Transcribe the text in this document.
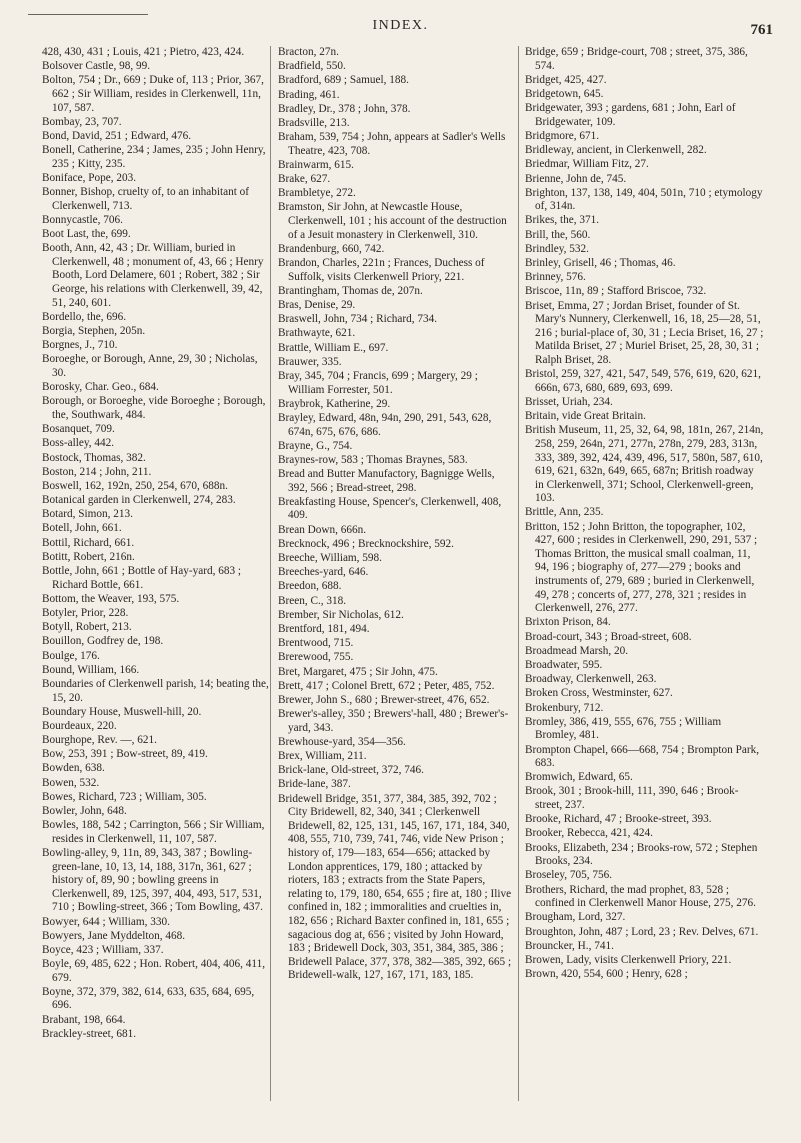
INDEX.	761

428, 430, 431 ; Louis, 421 ; Pietro, 423, 424.

Bolsover Castle, 98, 99.

Bolton, 754 ; Dr., 669 ; Duke of, 113 ; Prior, 367, 662 ; Sir William, resides in Clerkenwell, 11n, 107, 587.

Bombay, 23, 707.

Bond, David, 251 ; Edward, 476.

Bonell, Catherine, 234 ; James, 235 ; John Henry, 235 ; Kitty, 235.

Boniface, Pope, 203.

Bonner, Bishop, cruelty of, to an inhabitant of Clerkenwell, 713.

Bonnycastle, 706.

Boot Last, the, 699.

Booth, Ann, 42, 43 ; Dr. William, buried in Clerkenwell, 48 ; monument of, 43, 66 ; Henry Booth, Lord Delamere, 601 ; Robert, 382 ; Sir George, his relations with Clerkenwell, 39, 42, 51, 240, 601.

Bordello, the, 696.

Borgia, Stephen, 205n.

Borgnes, J., 710.

Boroeghe, or Borough, Anne, 29, 30 ; Nicholas, 30.

Borosky, Char. Geo., 684.

Borough, or Boroeghe, vide Boroeghe ; Borough, the, Southwark, 484.

Bosanquet, 709.

Boss-alley, 442.

Bostock, Thomas, 382.

Boston, 214 ; John, 211.

Boswell, 162, 192n, 250, 254, 670, 688n.

Botanical garden in Clerkenwell, 274, 283.

Botard, Simon, 213.

Botell, John, 661.

Bottil, Richard, 661.

Botitt, Robert, 216n.

Bottle, John, 661 ; Bottle of Hay-yard, 683 ; Richard Bottle, 661.

Bottom, the Weaver, 193, 575.

Botyler, Prior, 228.

Botyll, Robert, 213.

Bouillon, Godfrey de, 198.

Boulge, 176.

Bound, William, 166.

Boundaries of Clerkenwell parish, 14; beating the, 15, 20.

Boundary House, Muswell-hill, 20.

Bourdeaux, 220.

Bourghope, Rev. —, 621.

Bow, 253, 391 ; Bow-street, 89, 419.

Bowden, 638.

Bowen, 532.

Bowes, Richard, 723 ; William, 305.

Bowler, John, 648.

Bowles, 188, 542 ; Carrington, 566 ; Sir William, resides in Clerkenwell, 11, 107, 587.

Bowling-alley, 9, 11n, 89, 343, 387 ; Bowling-green-lane, 10, 13, 14, 188, 317n, 361, 627 ; history of, 89, 90 ; bowling greens in Clerkenwell, 89, 125, 397, 404, 493, 517, 531, 710 ; Bowling-street, 366 ; Tom Bowling, 437.

Bowyer, 644 ; William, 330.

Bowyers, Jane Myddelton, 468.

Boyce, 423 ; William, 337.

Boyle, 69, 485, 622 ; Hon. Robert, 404, 406, 411, 679.

Boyne, 372, 379, 382, 614, 633, 635, 684, 695, 696.

Brabant, 198, 664.

Brackley-street, 681.

Bracton, 27n.

Bradfield, 550.

Bradford, 689 ; Samuel, 188.

Brading, 461.

Bradley, Dr., 378 ; John, 378.

Bradsville, 213.

Braham, 539, 754 ; John, appears at Sadler's Wells Theatre, 423, 708.

Brainwarm, 615.

Brake, 627.

Brambletye, 272.

Bramston, Sir John, at Newcastle House, Clerkenwell, 101 ; his account of the destruction of a Jesuit monastery in Clerkenwell, 310.

Brandenburg, 660, 742.

Brandon, Charles, 221n ; Frances, Duchess of Suffolk, visits Clerkenwell Priory, 221.

Brantingham, Thomas de, 207n.

Bras, Denise, 29.

Braswell, John, 734 ; Richard, 734.

Brathwayte, 621.

Brattle, William E., 697.

Brauwer, 335.

Bray, 345, 704 ; Francis, 699 ; Margery, 29 ; William Forrester, 501.

Braybrok, Katherine, 29.

Brayley, Edward, 48n, 94n, 290, 291, 543, 628, 674n, 675, 676, 686.

Brayne, G., 754.

Braynes-row, 583 ; Thomas Braynes, 583.

Bread and Butter Manufactory, Bagnigge Wells, 392, 566 ; Bread-street, 298.

Breakfasting House, Spencer's, Clerkenwell, 408, 409.

Brean Down, 666n.

Brecknock, 496 ; Brecknockshire, 592.

Breeche, William, 598.

Breeches-yard, 646.

Breedon, 688.

Breen, C., 318.

Brember, Sir Nicholas, 612.

Brentford, 181, 494.

Brentwood, 715.

Brerewood, 755.

Bret, Margaret, 475 ; Sir John, 475.

Brett, 417 ; Colonel Brett, 672 ; Peter, 485, 752.

Brewer, John S., 680 ; Brewer-street, 476, 652.

Brewer's-alley, 350 ; Brewers'-hall, 480 ; Brewer's-yard, 343.

Brewhouse-yard, 354—356.

Brex, William, 211.

Brick-lane, Old-street, 372, 746.

Bride-lane, 387.

Bridewell Bridge, 351, 377, 384, 385, 392, 702 ; City Bridewell, 82, 340, 341 ; Clerkenwell Bridewell, 82, 125, 131, 145, 167, 171, 184, 340, 408, 555, 710, 739, 741, 746, vide New Prison ; history of, 179—183, 654—656; attacked by London apprentices, 179, 180 ; attacked by rioters, 183 ; extracts from the State Papers, relating to, 179, 180, 654, 655 ; fire at, 180 ; Ilive confined in, 182 ; immoralities and cruelties in, 182, 656 ; Richard Baxter confined in, 181, 655 ; sagacious dog at, 656 ; visited by John Howard, 183 ; Bridewell Dock, 303, 351, 384, 385, 386 ; Bridewell Palace, 377, 378, 382—385, 392, 665 ; Bridewell-walk, 127, 167, 171, 183, 185.

Bridge, 659 ; Bridge-court, 708 ; street, 375, 386, 574.

Bridget, 425, 427.

Bridgetown, 645.

Bridgewater, 393 ; gardens, 681 ; John, Earl of Bridgewater, 109.

Bridgmore, 671.

Bridleway, ancient, in Clerkenwell, 282.

Briedmar, William Fitz, 27.

Brienne, John de, 745.

Brighton, 137, 138, 149, 404, 501n, 710 ; etymology of, 314n.

Brikes, the, 371.

Brill, the, 560.

Brindley, 532.

Brinley, Grisell, 46 ; Thomas, 46.

Brinney, 576.

Briscoe, 11n, 89 ; Stafford Briscoe, 732.

Briset, Emma, 27 ; Jordan Briset, founder of St. Mary's Nunnery, Clerkenwell, 16, 18, 25—28, 51, 216 ; burial-place of, 30, 31 ; Lecia Briset, 16, 27 ; Matilda Briset, 27 ; Muriel Briset, 25, 28, 30, 31 ; Ralph Briset, 28.

Bristol, 259, 327, 421, 547, 549, 576, 619, 620, 621, 666n, 673, 680, 689, 693, 699.

Brisset, Uriah, 234.

Britain, vide Great Britain.

British Museum, 11, 25, 32, 64, 98, 181n, 267, 214n, 258, 259, 264n, 271, 277n, 278n, 279, 283, 313n, 333, 389, 392, 424, 439, 496, 517, 580n, 587, 610, 619, 621, 632n, 649, 665, 687n; British roadway in Clerkenwell, 371; School, Clerkenwell-green, 103.

Brittle, Ann, 235.

Britton, 152 ; John Britton, the topographer, 102, 427, 600 ; resides in Clerkenwell, 290, 291, 537 ; Thomas Britton, the musical small coalman, 11, 94, 196 ; biography of, 277—279 ; books and instruments of, 279, 689 ; buried in Clerkenwell, 49, 278 ; concerts of, 277, 278, 321 ; resides in Clerkenwell, 276, 277.

Brixton Prison, 84.

Broad-court, 343 ; Broad-street, 608.

Broadmead Marsh, 20.

Broadwater, 595.

Broadway, Clerkenwell, 263.

Broken Cross, Westminster, 627.

Brokenbury, 712.

Bromley, 386, 419, 555, 676, 755 ; William Bromley, 481.

Brompton Chapel, 666—668, 754 ; Brompton Park, 683.

Bromwich, Edward, 65.

Brook, 301 ; Brook-hill, 111, 390, 646 ; Brook-street, 237.

Brooke, Richard, 47 ; Brooke-street, 393.

Brooker, Rebecca, 421, 424.

Brooks, Elizabeth, 234 ; Brooks-row, 572 ; Stephen Brooks, 234.

Broseley, 705, 756.

Brothers, Richard, the mad prophet, 83, 528 ; confined in Clerkenwell Manor House, 275, 276.

Brougham, Lord, 327.

Broughton, John, 487 ; Lord, 23 ; Rev. Delves, 671.

Brouncker, H., 741.

Browen, Lady, visits Clerkenwell Priory, 221.

Brown, 420, 554, 600 ; Henry, 628 ;
